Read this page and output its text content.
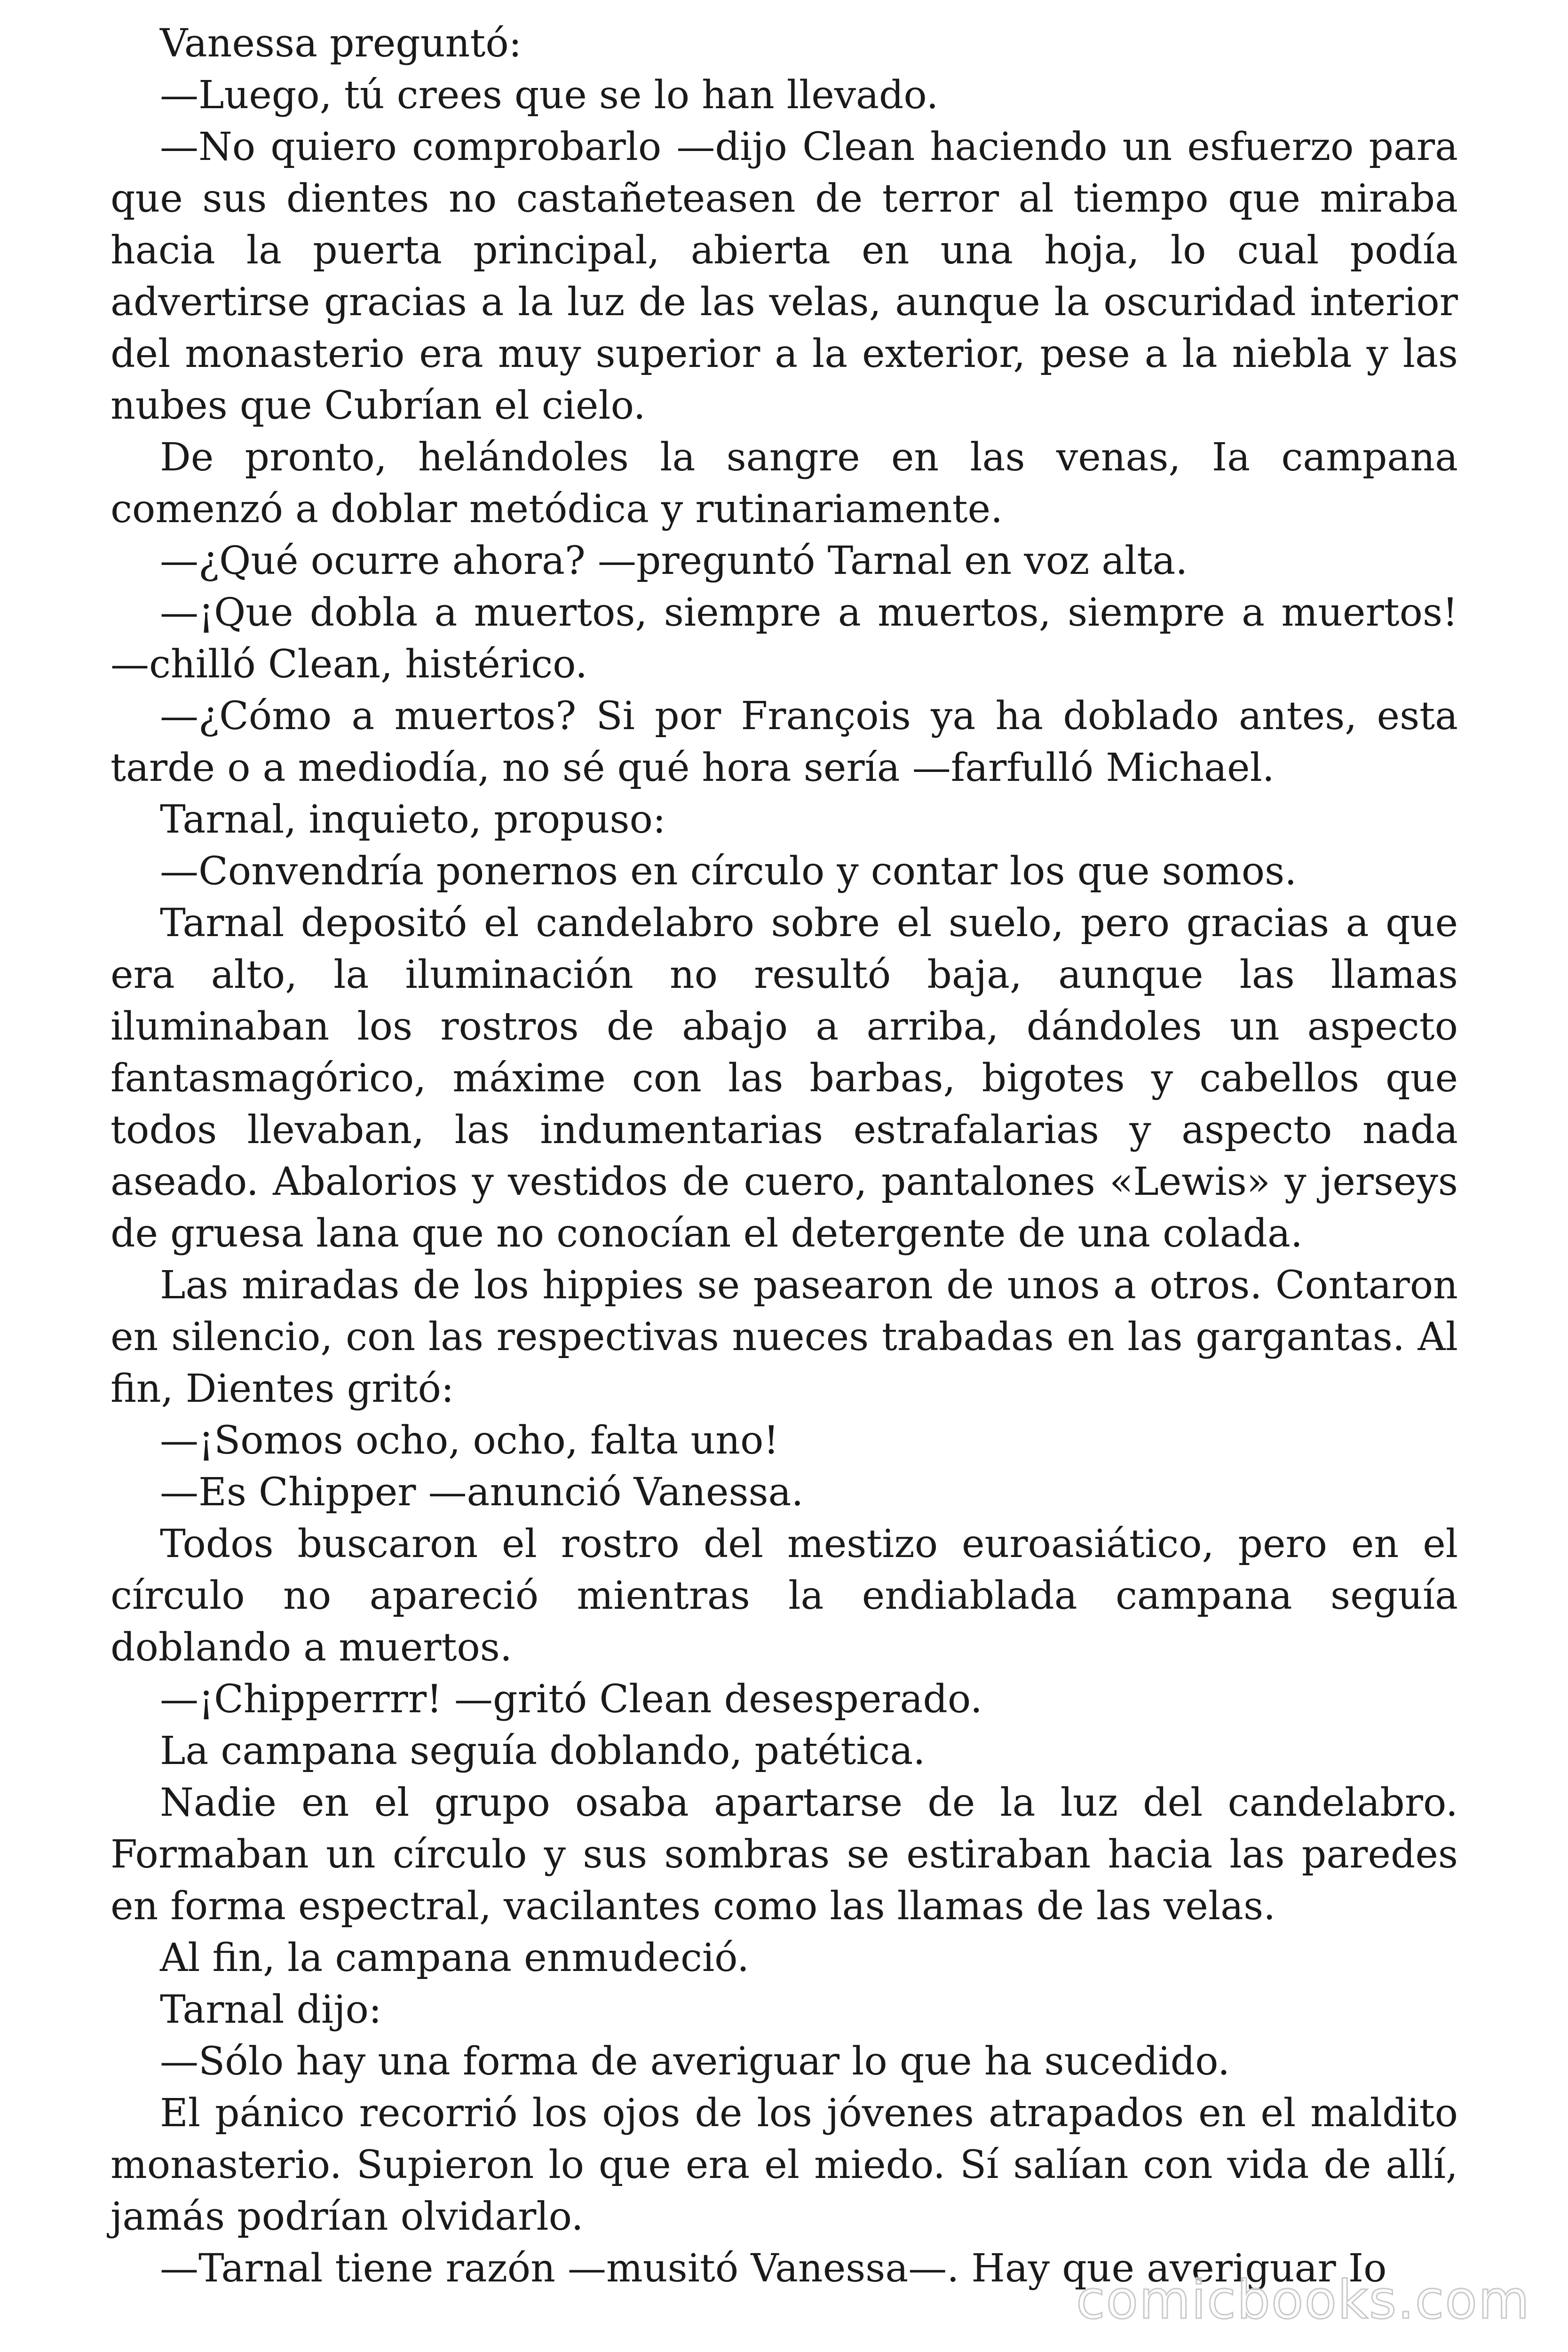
Vanessa preguntó:

—Luego, tú crees que se lo han llevado.

—No quiero comprobarlo —dijo Clean haciendo un esfuerzo para que sus dientes no castañeteasen de terror al tiempo que miraba hacia la puerta principal, abierta en una hoja, lo cual podía advertirse gracias a la luz de las velas, aunque la oscuridad interior del monasterio era muy superior a la exterior, pese a la niebla y las nubes que Cubrían el cielo.

De pronto, helándoles la sangre en las venas, Ia campana comenzó a doblar metódica y rutinariamente.

—¿Qué ocurre ahora? —preguntó Tarnal en voz alta.

—¡Que dobla a muertos, siempre a muertos, siempre a muertos! —chilló Clean, histérico.

—¿Cómo a muertos? Si por François ya ha doblado antes, esta tarde o a mediodía, no sé qué hora sería —farfulló Michael.

Tarnal, inquieto, propuso:

—Convendría ponernos en círculo y contar los que somos.

Tarnal depositó el candelabro sobre el suelo, pero gracias a que era alto, la iluminación no resultó baja, aunque las llamas iluminaban los rostros de abajo a arriba, dándoles un aspecto fantasmagórico, máxime con las barbas, bigotes y cabellos que todos llevaban, las indumentarias estrafalarias y aspecto nada aseado. Abalorios y vestidos de cuero, pantalones «Lewis» y jerseys de gruesa lana que no conocían el detergente de una colada.

Las miradas de los hippies se pasearon de unos a otros. Contaron en silencio, con las respectivas nueces trabadas en las gargantas. Al fin, Dientes gritó:

—¡Somos ocho, ocho, falta uno!

—Es Chipper —anunció Vanessa.

Todos buscaron el rostro del mestizo euroasiático, pero en el círculo no apareció mientras la endiablada campana seguía doblando a muertos.

—¡Chipperrrr! —gritó Clean desesperado.

La campana seguía doblando, patética.

Nadie en el grupo osaba apartarse de la luz del candelabro. Formaban un círculo y sus sombras se estiraban hacia las paredes en forma espectral, vacilantes como las llamas de las velas.

Al fin, la campana enmudeció.

Tarnal dijo:

—Sólo hay una forma de averiguar lo que ha sucedido.

El pánico recorrió los ojos de los jóvenes atrapados en el maldito monasterio. Supieron lo que era el miedo. Sí salían con vida de allí, jamás podrían olvidarlo.

—Tarnal tiene razón —musitó Vanessa—. Hay que averiguar Io

comicbooks.com
